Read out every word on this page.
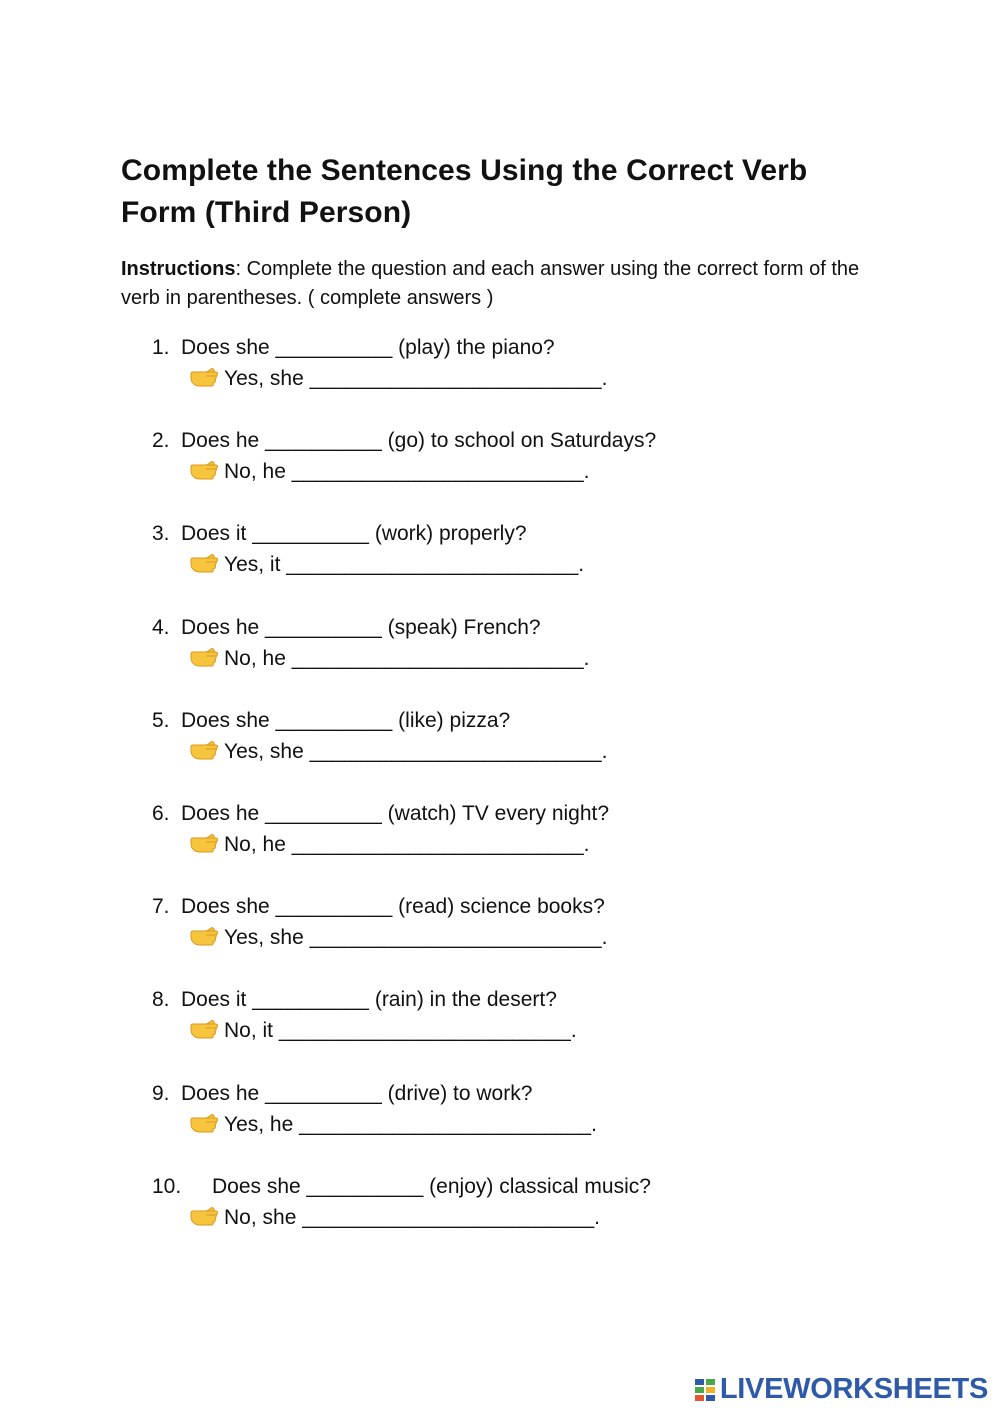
Complete the Sentences Using the Correct Verb Form (Third Person)

Instructions: Complete the question and each answer using the correct form of the verb in parentheses. ( complete answers )

1. Does she __________ (play) the piano?
Yes, she _________________________.
2. Does he __________ (go) to school on Saturdays?
No, he _________________________.
3. Does it __________ (work) properly?
Yes, it _________________________.
4. Does he __________ (speak) French?
No, he _________________________.
5. Does she __________ (like) pizza?
Yes, she _________________________.
6. Does he __________ (watch) TV every night?
No, he _________________________.
7. Does she __________ (read) science books?
Yes, she _________________________.
8. Does it __________ (rain) in the desert?
No, it _________________________.
9. Does he __________ (drive) to work?
Yes, he _________________________.
10. Does she __________ (enjoy) classical music?
No, she _________________________.
LIVEWORKSHEETS
